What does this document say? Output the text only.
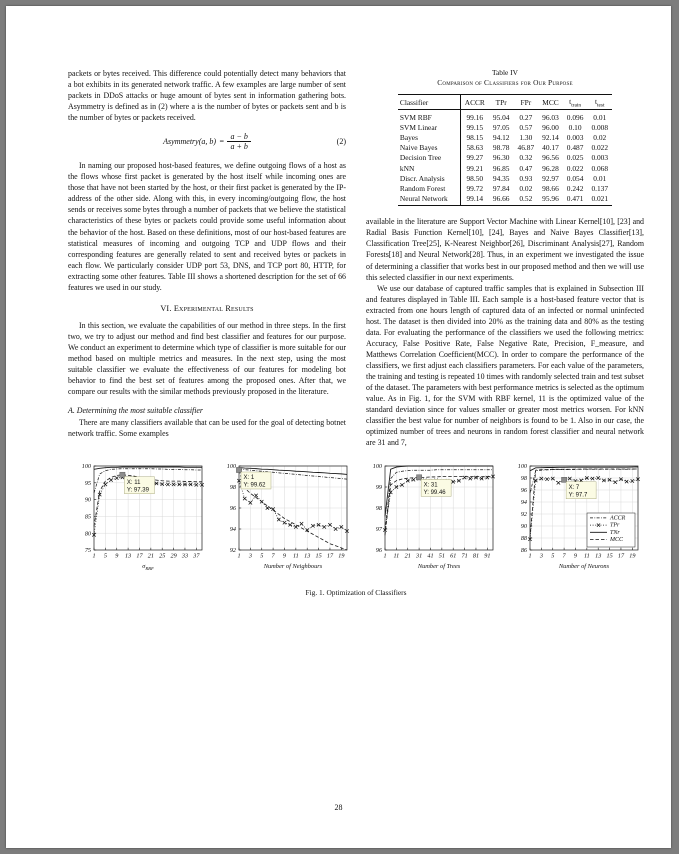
packets or bytes received. This difference could potentially detect many behaviors that a bot exhibits in its generated network traffic. A few examples are large number of sent packets in DDoS attacks or huge amount of bytes sent in information gathering bots. Asymmetry is defined as in (2) where a is the number of bytes or packets sent and b is the number of bytes or packets received.

Asymmetry(a, $b) = \frac{a - b}{a + b}$	(2)

In naming our proposed host-based features, we define outgoing flows of a host as the flows whose first packet is generated by the host itself while incoming ones are those that have not been started by the host, or their first packet is generated by the IP-address of the other side. Along with this, in every incoming/outgoing flow, the host sends or receives some bytes through a number of packets that we believe the statistical characteristics of these bytes or packets could provide some useful information about the behavior of the host. Based on these definitions, most of our host-based features are statistical measures of incoming and outgoing TCP and UDP flows and their corresponding features are generally related to sent and received bytes or packets in each flow. We particularly consider UDP port 53, DNS, and TCP port 80, HTTP, for extracting some other features. Table III shows a shortened description for the set of 66 features we used in our study.

VI. Experimental Results

In this section, we evaluate the capabilities of our method in three steps. In the first two, we try to adjust our method and find best classifier and features for our purpose. We conduct an experiment to determine which type of classifier is more suitable for our method based on multiple metrics and measures. In the next step, using the most suitable classifier we evaluate the effectiveness of our features for modeling bot behavior to find the best set of features among the proposed ones. After that, we compare our results with the similar methods previously proposed in the literature.

A. Determining the most suitable classifier

There are many classifiers available that can be used for the goal of detecting botnet network traffic. Some examples

Table IV
Comparison of Classifiers for Our Purpose
Classifier	ACCR	TPr	FPr	MCC	$t_{train}$	$t_{test}$
SVM RBF	99.16	95.04	0.27	96.03	0.096	0.01
SVM Linear	99.15	97.05	0.57	96.00	0.10	0.008
Bayes	98.15	94.12	1.30	92.14	0.003	0.02
Naive Bayes	58.63	98.78	46.87	40.17	0.487	0.022
Decision Tree	99.27	96.30	0.32	96.56	0.025	0.003
kNN	99.21	96.85	0.47	96.28	0.022	0.068
Discr. Analysis	98.50	94.35	0.93	92.97	0.054	0.01
Random Forest	99.72	97.84	0.02	98.66	0.242	0.137
Neural Network	99.14	96.66	0.52	95.96	0.471	0.021

available in the literature are Support Vector Machine with Linear Kernel[10], [23] and Radial Basis Function Kernel[10], [24], Bayes and Naive Bayes Classifier[13], Classification Tree[25], K-Nearest Neighbor[26], Discriminant Analysis[27], Random Forests[18] and Neural Network[28]. Thus, in an experiment we investigated the issue of determining a classifier that works best in our proposed method and then we will use this selected classifier in our next experiments.

We use our database of captured traffic samples that is explained in Subsection III and features displayed in Table III. Each sample is a host-based feature vector that is extracted from one hours length of captured data of an infected or normal uninfected host. The dataset is then divided into 20% as the training data and 80% as the testing data. For evaluating the performance of the classifiers we used the following metrics: Accuracy, False Positive Rate, False Negative Rate, Precision, F_measure, and Matthews Correlation Coefficient(MCC). In order to compare the performance of the classifiers, we first adjust each classifiers parameters. For each value of the parameters, the training and testing is repeated 10 times with randomly selected train and test subset of the dataset. The parameters with best performance metrics is selected as the optimum value. As in Fig. 1, for the SVM with RBF kernel, 11 is the optimized value of the standard deviation since for values smaller or greater most metrics worsen. For kNN classifier the best value for number of neighbors is found to be 1. Also in our case, the optimized number of trees and neurons in random forest classifier and neural network are 31 and 7,

75
80
85
90
95
100
1 5 9 13 17 21 25 29 33 37
$\sigma_{RBF}$
X: 11
Y: 97.39
92
94
96
98
100
1 3 5 7 9 11 13 15 17 19
Number of Neighbours
X: 1
Y: 99.62
96
97
98
99
100
1 11 21 31 41 51 61 71 81 91
Number of Trees
X: 31
Y: 99.46
86
88
90
92
94
96
98
100
1 3 5 7 9 11 13 15 17 19
Number of Neurons
X: 7
Y: 97.7
ACCR
TPr
TNr
MCC
Fig. 1. Optimization of Classifiers
28
